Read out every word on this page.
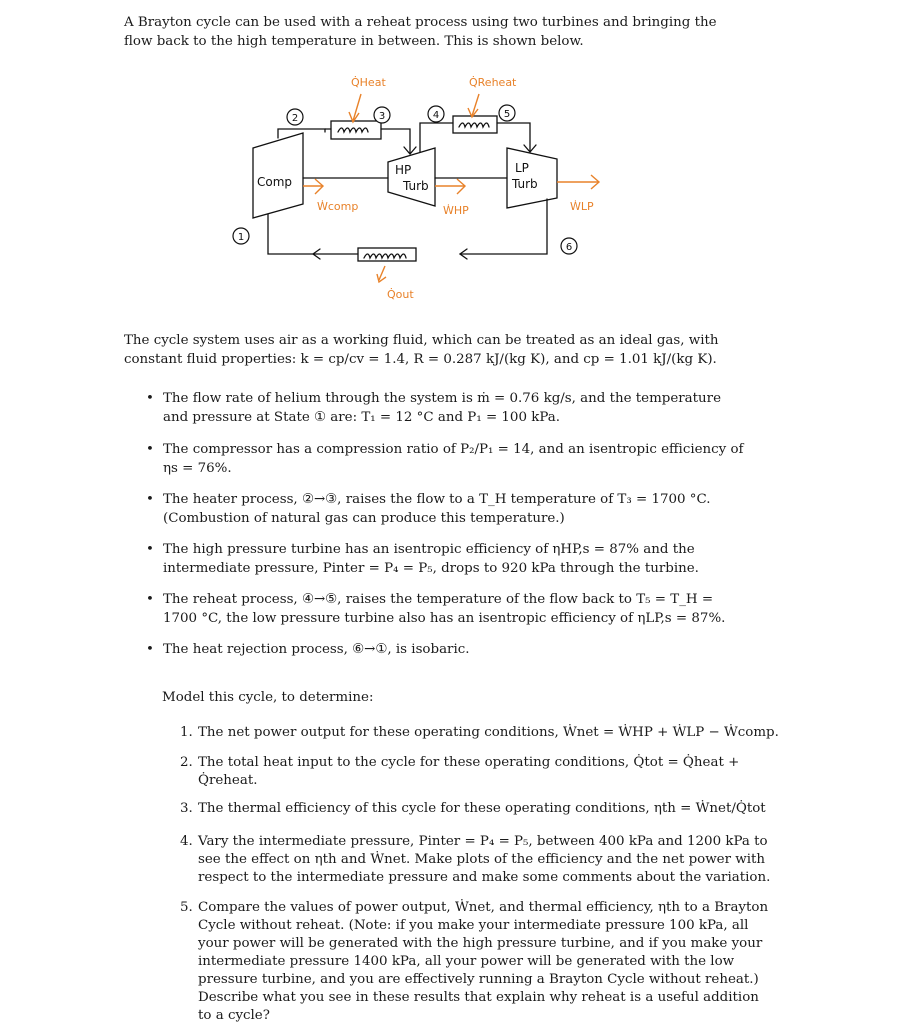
A Brayton cycle can be used with a reheat process using two turbines and bringing the
flow back to the high temperature in between. This is shown below.
2	3	4	5
1
6
Q̇Heat	Q̇Reheat
Q̇out
Ẇcomp	ẆHP	ẆLP
Comp
HP
Turb
LP
Turb
The cycle system uses air as a working fluid, which can be treated as an ideal gas, with
constant fluid properties: k = cp/cv = 1.4, R = 0.287 kJ/(kg K), and cp = 1.01 kJ/(kg K).
• The flow rate of helium through the system is ṁ = 0.76 kg/s, and the temperature
and pressure at State ① are: T₁ = 12 °C and P₁ = 100 kPa.
• The compressor has a compression ratio of P₂/P₁ = 14, and an isentropic efficiency of
ηs = 76%.
• The heater process, ②→③, raises the flow to a T_H temperature of T₃ = 1700 °C.
(Combustion of natural gas can produce this temperature.)
• The high pressure turbine has an isentropic efficiency of ηHP,s = 87% and the
intermediate pressure, Pinter = P₄ = P₅, drops to 920 kPa through the turbine.
• The reheat process, ④→⑤, raises the temperature of the flow back to T₅ = T_H =
1700 °C, the low pressure turbine also has an isentropic efficiency of ηLP,s = 87%.
• The heat rejection process, ⑥→①, is isobaric.
Model this cycle, to determine:
1. The net power output for these operating conditions, Ẇnet = ẆHP + ẆLP − Ẇcomp.
2. The total heat input to the cycle for these operating conditions, Q̇tot = Q̇heat +
Q̇reheat.
3. The thermal efficiency of this cycle for these operating conditions, ηth = Ẇnet/Q̇tot
4. Vary the intermediate pressure, Pinter = P₄ = P₅, between 400 kPa and 1200 kPa to
see the effect on ηth and Ẇnet. Make plots of the efficiency and the net power with
respect to the intermediate pressure and make some comments about the variation.
5. Compare the values of power output, Ẇnet, and thermal efficiency, ηth to a Brayton
Cycle without reheat. (Note: if you make your intermediate pressure 100 kPa, all
your power will be generated with the high pressure turbine, and if you make your
intermediate pressure 1400 kPa, all your power will be generated with the low
pressure turbine, and you are effectively running a Brayton Cycle without reheat.)
Describe what you see in these results that explain why reheat is a useful addition
to a cycle?
